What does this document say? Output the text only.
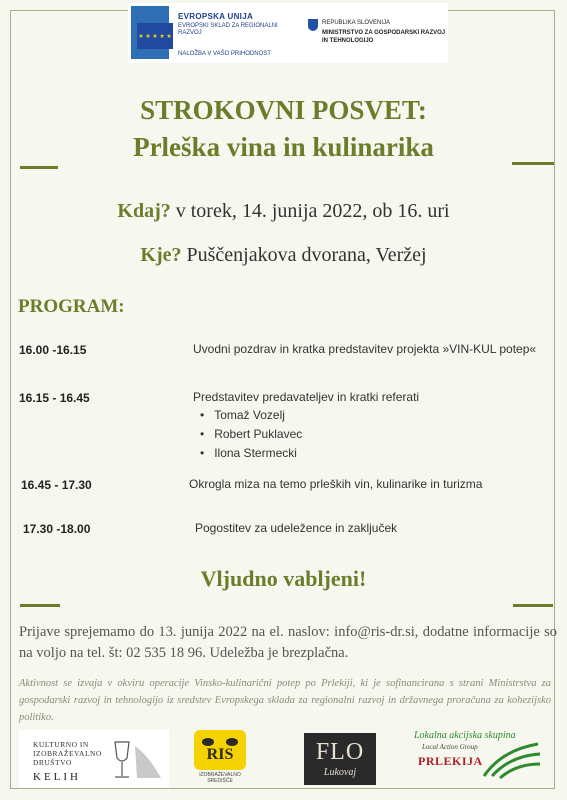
★ ★ ★ ★ ★
EVROPSKA UNIJA
EVROPSKI SKLAD ZA REGIONALNI RAZVOJ
NALOŽBA V VAŠO PRIHODNOST
REPUBLIKA SLOVENIJA
MINISTRSTVO ZA GOSPODARSKI RAZVOJ IN TEHNOLOGIJO
STROKOVNI POSVET:
Prleška vina in kulinarika
Kdaj? v torek, 14. junija 2022, ob 16. uri
Kje? Puščenjakova dvorana, Veržej
PROGRAM:
16.00 -16.15	Uvodni pozdrav in kratka predstavitev projekta »VIN-KUL potep«
16.15 - 16.45	Predstavitev predavateljev in kratki referati
• Tomaž Vozelj
• Robert Puklavec
• Ilona Stermecki
16.45 - 17.30	Okrogla miza na temo prleških vin, kulinarike in turizma
17.30 -18.00	Pogostitev za udeležence in zaključek
Vljudno vabljeni!
Prijave sprejemamo do 13. junija 2022 na el. naslov: info@ris-dr.si, dodatne informacije so na voljo na tel. št: 02 535 18 96. Udeležba je brezplačna.
Aktivnost se izvaja v okviru operacije Vinsko-kulinarični potep po Prlekiji, ki je sofinancirana s strani Ministrstva za gospodarski razvoj in tehnologijo iz sredstev Evropskega sklada za regionalni razvoj in državnega proračuna za kohezijsko politiko.
KULTURNO IN
IZOBRAŽEVALNO
DRUŠTVO
KELIH
RIS
IZOBRAŽEVALNO SREDIŠČE
FLO
Lukovaj
Lokalna akcijska skupina
Local Action Group
PRLEKIJA
